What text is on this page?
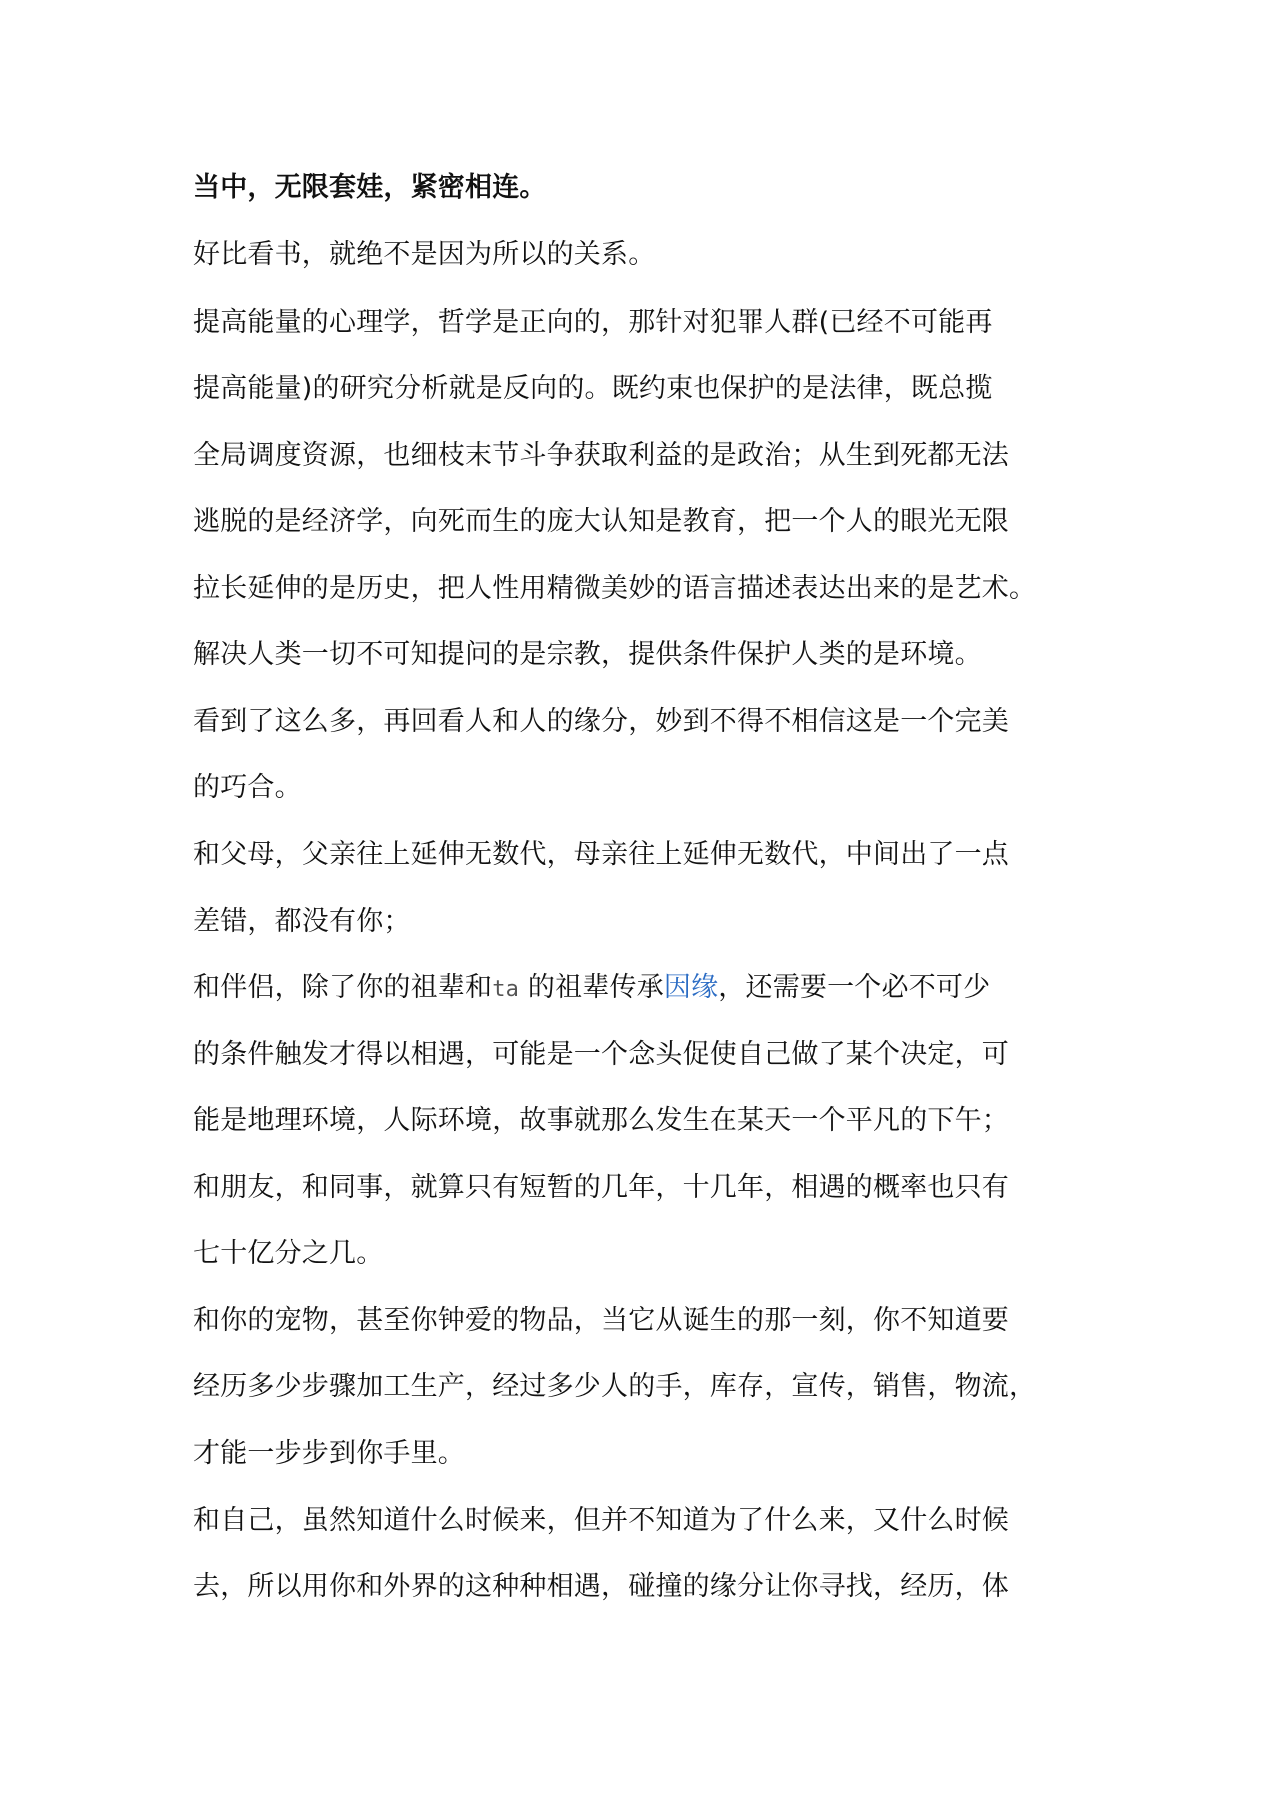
当中，无限套娃，紧密相连。
好比看书，就绝不是因为所以的关系。
提高能量的心理学，哲学是正向的，那针对犯罪人群(已经不可能再
提高能量)的研究分析就是反向的。既约束也保护的是法律，既总揽
全局调度资源，也细枝末节斗争获取利益的是政治；从生到死都无法
逃脱的是经济学，向死而生的庞大认知是教育，把一个人的眼光无限
拉长延伸的是历史，把人性用精微美妙的语言描述表达出来的是艺术。
解决人类一切不可知提问的是宗教，提供条件保护人类的是环境。
看到了这么多，再回看人和人的缘分，妙到不得不相信这是一个完美
的巧合。
和父母，父亲往上延伸无数代，母亲往上延伸无数代，中间出了一点
差错，都没有你；
和伴侣，除了你的祖辈和ta 的祖辈传承因缘，还需要一个必不可少
的条件触发才得以相遇，可能是一个念头促使自己做了某个决定，可
能是地理环境，人际环境，故事就那么发生在某天一个平凡的下午；
和朋友，和同事，就算只有短暂的几年，十几年，相遇的概率也只有
七十亿分之几。
和你的宠物，甚至你钟爱的物品，当它从诞生的那一刻，你不知道要
经历多少步骤加工生产，经过多少人的手，库存，宣传，销售，物流，
才能一步步到你手里。
和自己，虽然知道什么时候来，但并不知道为了什么来，又什么时候
去，所以用你和外界的这种种相遇，碰撞的缘分让你寻找，经历，体
